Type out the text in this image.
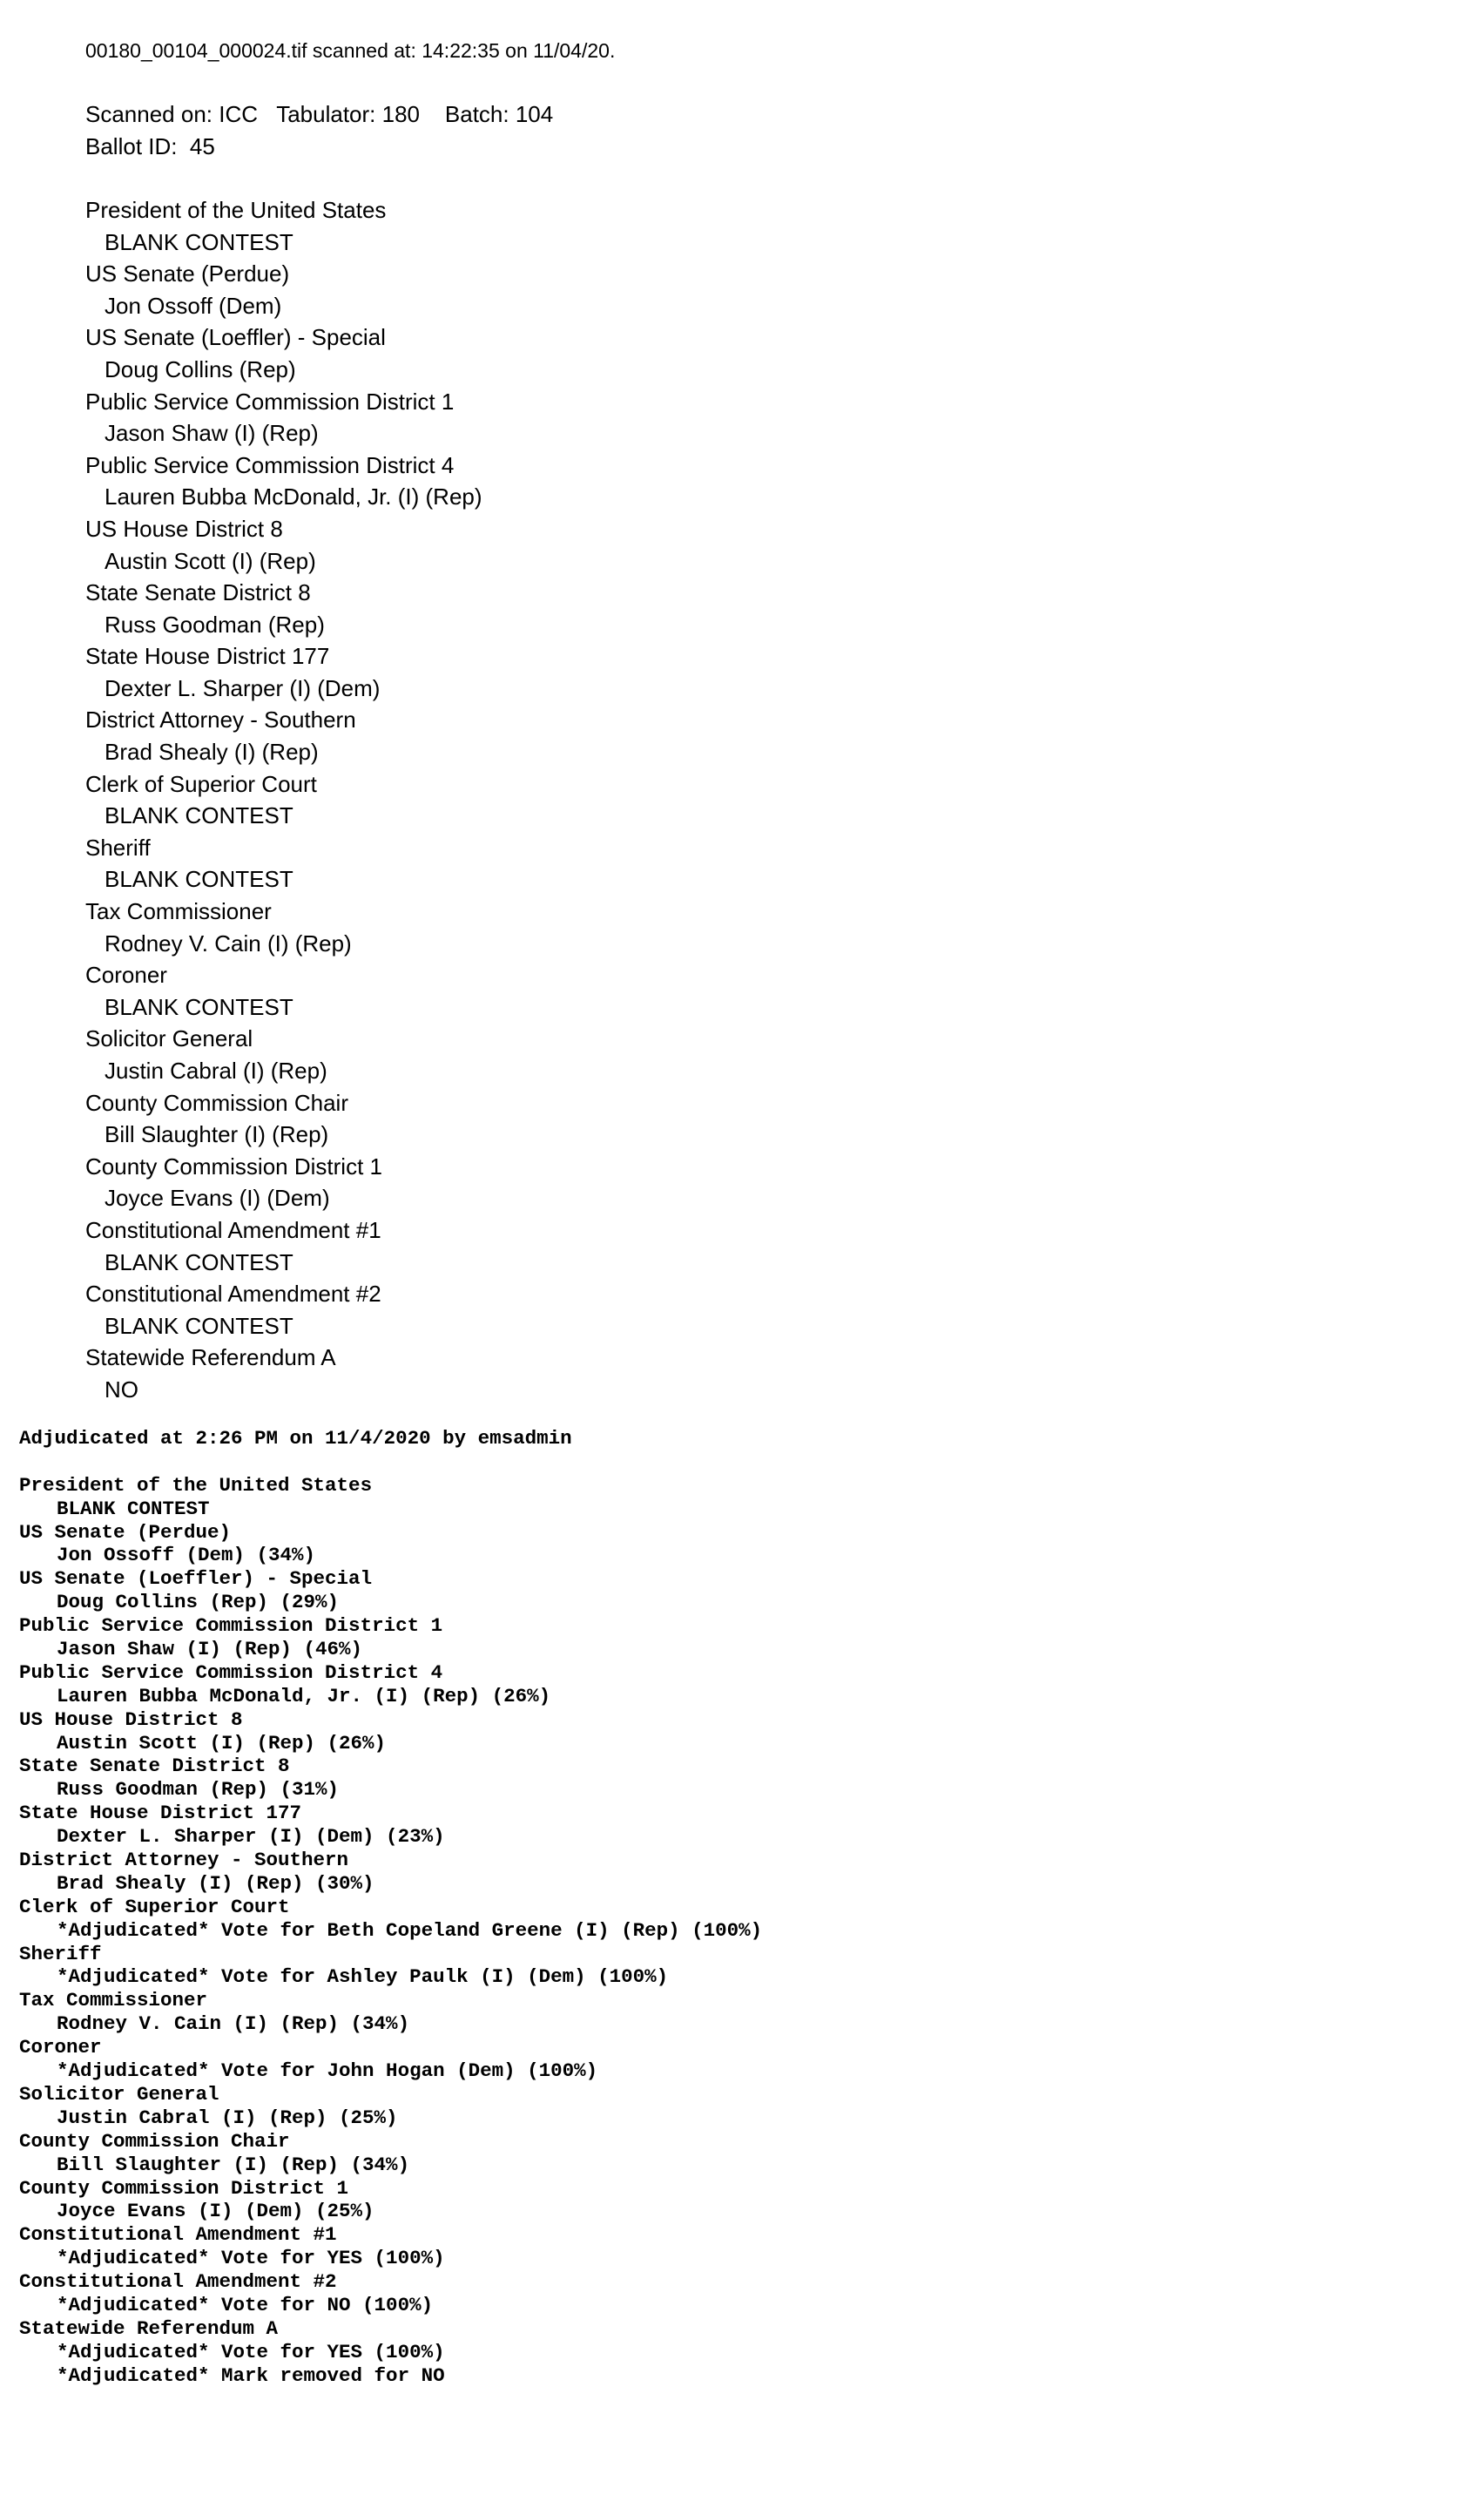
00180_00104_000024.tif scanned at: 14:22:35 on 11/04/20.
Scanned on: ICC   Tabulator: 180    Batch: 104
Ballot ID:  45
President of the United States
BLANK CONTEST
US Senate (Perdue)
Jon Ossoff (Dem)
US Senate (Loeffler) - Special
Doug Collins (Rep)
Public Service Commission District 1
Jason Shaw (I) (Rep)
Public Service Commission District 4
Lauren Bubba McDonald, Jr. (I) (Rep)
US House District 8
Austin Scott (I) (Rep)
State Senate District 8
Russ Goodman (Rep)
State House District 177
Dexter L. Sharper (I) (Dem)
District Attorney - Southern
Brad Shealy (I) (Rep)
Clerk of Superior Court
BLANK CONTEST
Sheriff
BLANK CONTEST
Tax Commissioner
Rodney V. Cain (I) (Rep)
Coroner
BLANK CONTEST
Solicitor General
Justin Cabral (I) (Rep)
County Commission Chair
Bill Slaughter (I) (Rep)
County Commission District 1
Joyce Evans (I) (Dem)
Constitutional Amendment #1
BLANK CONTEST
Constitutional Amendment #2
BLANK CONTEST
Statewide Referendum A
NO
Adjudicated at 2:26 PM on 11/4/2020 by emsadmin
President of the United States
BLANK CONTEST
US Senate (Perdue)
Jon Ossoff (Dem) (34%)
US Senate (Loeffler) - Special
Doug Collins (Rep) (29%)
Public Service Commission District 1
Jason Shaw (I) (Rep) (46%)
Public Service Commission District 4
Lauren Bubba McDonald, Jr. (I) (Rep) (26%)
US House District 8
Austin Scott (I) (Rep) (26%)
State Senate District 8
Russ Goodman (Rep) (31%)
State House District 177
Dexter L. Sharper (I) (Dem) (23%)
District Attorney - Southern
Brad Shealy (I) (Rep) (30%)
Clerk of Superior Court
*Adjudicated* Vote for Beth Copeland Greene (I) (Rep) (100%)
Sheriff
*Adjudicated* Vote for Ashley Paulk (I) (Dem) (100%)
Tax Commissioner
Rodney V. Cain (I) (Rep) (34%)
Coroner
*Adjudicated* Vote for John Hogan (Dem) (100%)
Solicitor General
Justin Cabral (I) (Rep) (25%)
County Commission Chair
Bill Slaughter (I) (Rep) (34%)
County Commission District 1
Joyce Evans (I) (Dem) (25%)
Constitutional Amendment #1
*Adjudicated* Vote for YES (100%)
Constitutional Amendment #2
*Adjudicated* Vote for NO (100%)
Statewide Referendum A
*Adjudicated* Vote for YES (100%)
*Adjudicated* Mark removed for NO
